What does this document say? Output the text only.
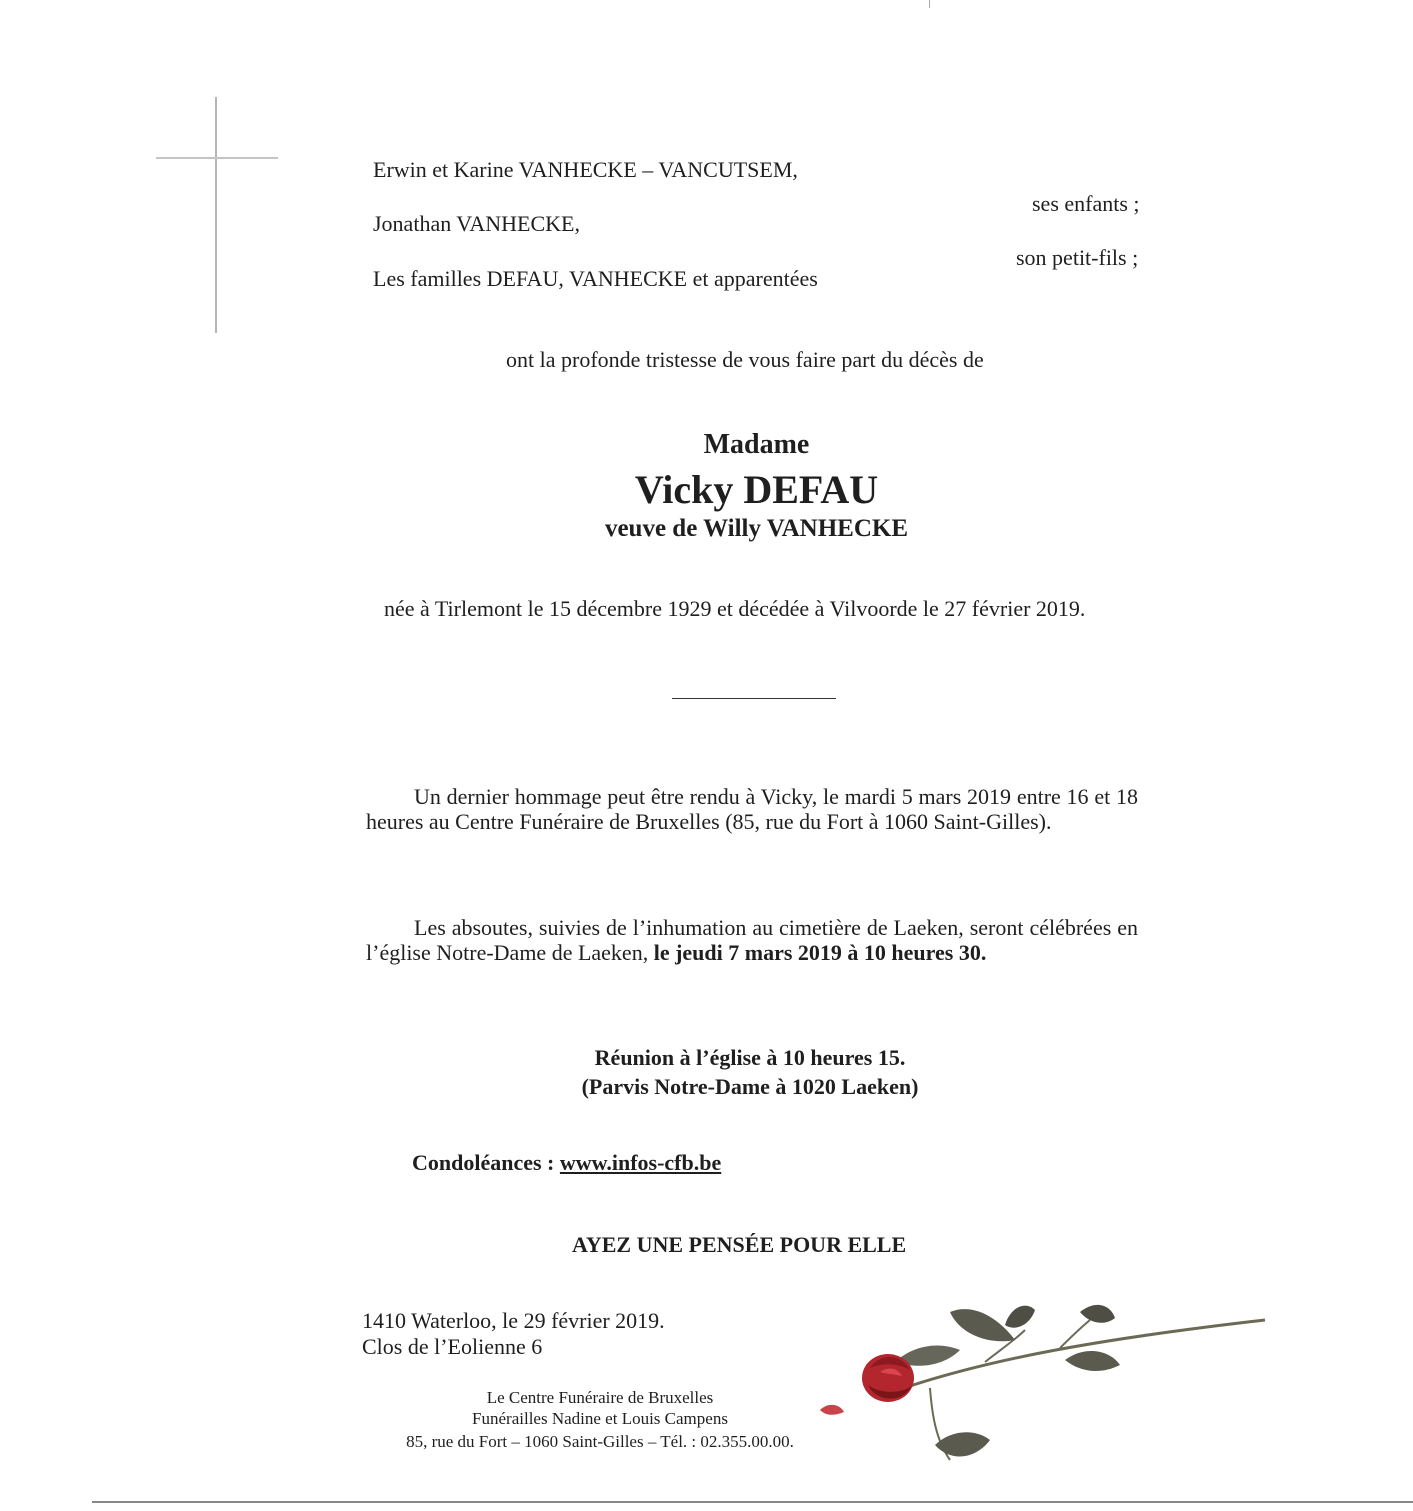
Erwin et Karine VANHECKE – VANCUTSEM,
ses enfants ;
Jonathan VANHECKE,
son petit-fils ;
Les familles DEFAU, VANHECKE et apparentées
ont la profonde tristesse de vous faire part du décès de
Madame
Vicky DEFAU
veuve de Willy VANHECKE
née à Tirlemont le 15 décembre 1929 et décédée à Vilvoorde le 27 février 2019.
Un dernier hommage peut être rendu à Vicky, le mardi 5 mars 2019 entre 16 et 18 heures au Centre Funéraire de Bruxelles (85, rue du Fort à 1060 Saint-Gilles).
Les absoutes, suivies de l’inhumation au cimetière de Laeken, seront célébrées en l’église Notre-Dame de Laeken, le jeudi 7 mars 2019 à 10 heures 30.
Réunion à l’église à 10 heures 15.
(Parvis Notre-Dame à 1020 Laeken)
Condoléances : www.infos-cfb.be
AYEZ UNE PENSÉE POUR ELLE
1410 Waterloo, le 29 février 2019.
Clos de l’Eolienne 6
Le Centre Funéraire de Bruxelles
Funérailles Nadine et Louis Campens
85, rue du Fort – 1060 Saint-Gilles – Tél. : 02.355.00.00.
